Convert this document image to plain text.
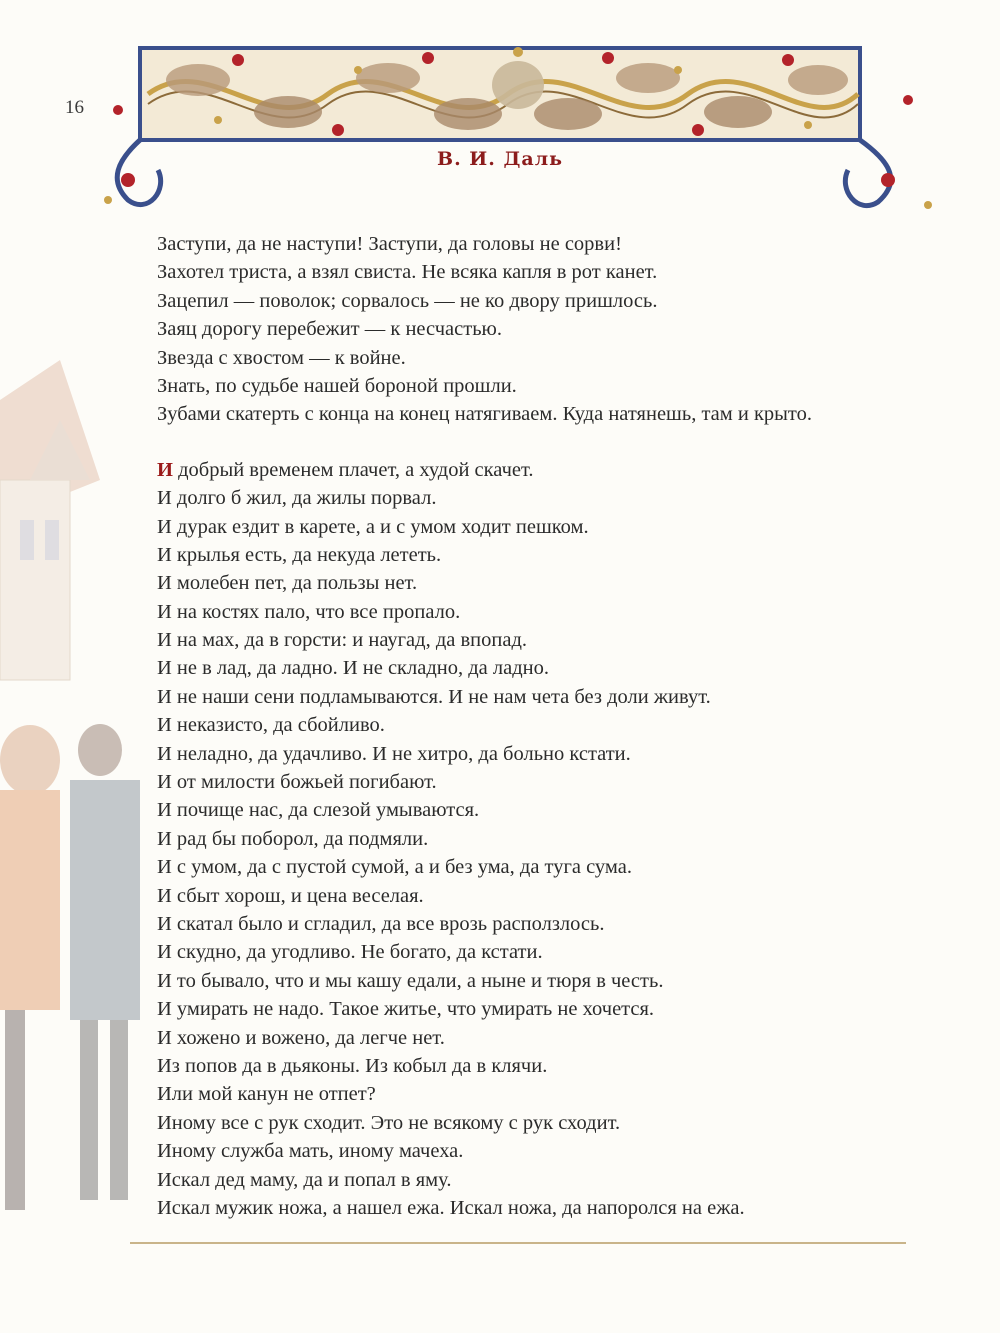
16
В. И. Даль
Заступи, да не наступи! Заступи, да головы не сорви!
Захотел триста, а взял свиста. Не всяка капля в рот канет.
Зацепил — поволок; сорвалось — не ко двору пришлось.
Заяц дорогу перебежит — к несчастью.
Звезда с хвостом — к войне.
Знать, по судьбе нашей бороной прошли.
Зубами скатерть с конца на конец натягиваем. Куда натянешь, там и крыто.
И добрый временем плачет, а худой скачет.
И долго б жил, да жилы порвал.
И дурак ездит в карете, а и с умом ходит пешком.
И крылья есть, да некуда лететь.
И молебен пет, да пользы нет.
И на костях пало, что все пропало.
И на мах, да в горсти: и наугад, да впопад.
И не в лад, да ладно. И не складно, да ладно.
И не наши сени подламываются. И не нам чета без доли живут.
И неказисто, да сбойливо.
И неладно, да удачливо. И не хитро, да больно кстати.
И от милости божьей погибают.
И почище нас, да слезой умываются.
И рад бы поборол, да подмяли.
И с умом, да с пустой сумой, а и без ума, да туга сума.
И сбыт хорош, и цена веселая.
И скатал было и сгладил, да все врозь расползлось.
И скудно, да угодливо. Не богато, да кстати.
И то бывало, что и мы кашу едали, а ныне и тюря в честь.
И умирать не надо. Такое житье, что умирать не хочется.
И хожено и вожено, да легче нет.
Из попов да в дьяконы. Из кобыл да в клячи.
Или мой канун не отпет?
Иному все с рук сходит. Это не всякому с рук сходит.
Иному служба мать, иному мачеха.
Искал дед маму, да и попал в яму.
Искал мужик ножа, а нашел ежа. Искал ножа, да напоролся на ежа.
